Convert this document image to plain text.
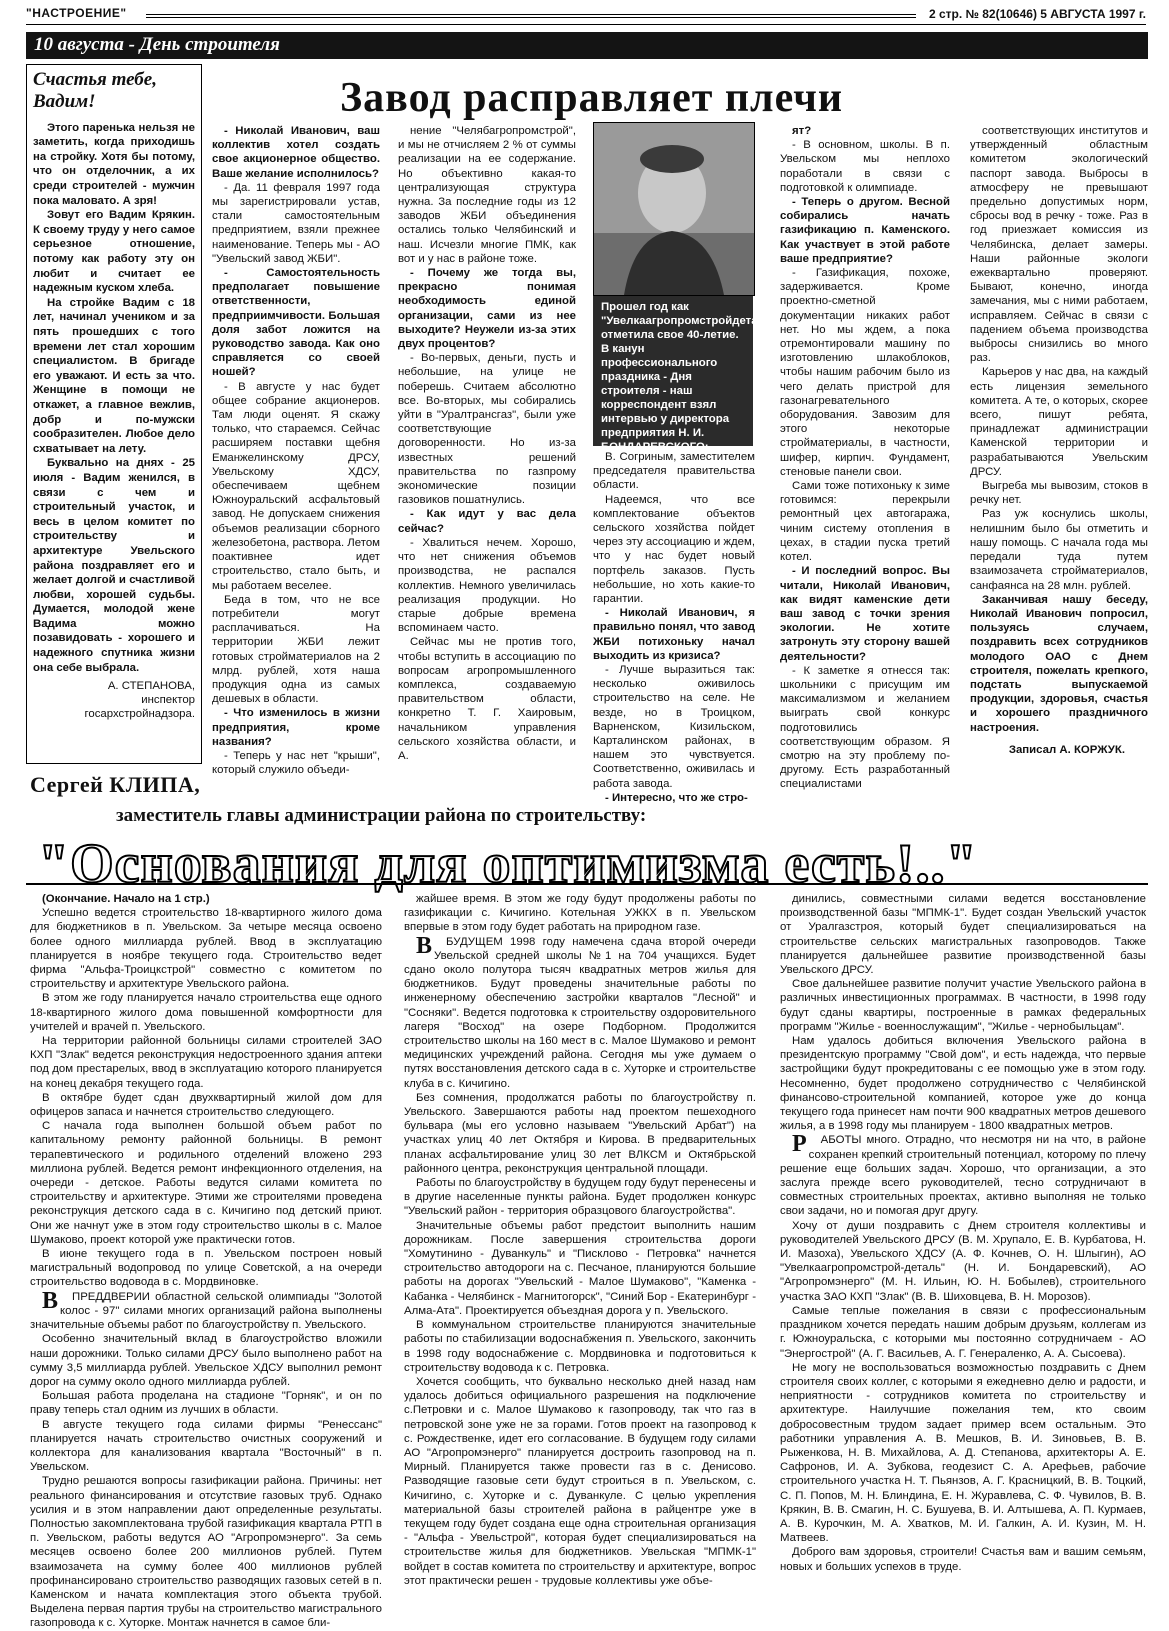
"НАСТРОЕНИЕ"	2 стр. № 82(10646) 5 АВГУСТА 1997 г.
10 августа - День строителя
Счастья тебе, Вадим!

Этого паренька нельзя не заметить, когда приходишь на стройку. Хотя бы потому, что он отделочник, а их среди строителей - мужчин пока маловато. А зря!

Зовут его Вадим Крякин. К своему труду у него самое серьезное отношение, потому как работу эту он любит и считает ее надежным куском хлеба.

На стройке Вадим с 18 лет, начинал учеником и за пять прошедших с того времени лет стал хорошим специалистом. В бригаде его уважают. И есть за что. Женщине в помощи не откажет, а главное вежлив, добр и по-мужски сообразителен. Любое дело схватывает на лету.

Буквально на днях - 25 июля - Вадим женился, в связи с чем и строительный участок, и весь в целом комитет по строительству и архитектуре Увельского района поздравляет его и желает долгой и счастливой любви, хорошей судьбы. Думается, молодой жене Вадима можно позавидовать - хорошего и надежного спутника жизни она себе выбрала.

А. СТЕПАНОВА,
инспектор госархстройнадзора.
Завод расправляет плечи

- Николай Иванович, ваш коллектив хотел создать свое акционерное общество. Ваше желание исполнилось?

- Да. 11 февраля 1997 года мы зарегистрировали устав, стали самостоятельным предприятием, взяли прежнее наименование. Теперь мы - АО "Увельский завод ЖБИ".

- Самостоятельность предполагает повышение ответственности, предприимчивости. Большая доля забот ложится на руководство завода. Как оно справляется со своей ношей?

- В августе у нас будет общее собрание акционеров. Там люди оценят. Я скажу только, что стараемся. Сейчас расширяем поставки щебня Еманжелинскому ДРСУ, Увельскому ХДСУ, обеспечиваем щебнем Южноуральский асфальтовый завод. Не допускаем снижения объемов реализации сборного железобетона, раствора. Летом поактивнее идет строительство, стало быть, и мы работаем веселее.

Беда в том, что не все потребители могут расплачиваться. На территории ЖБИ лежит готовых стройматериалов на 2 млрд. рублей, хотя наша продукция одна из самых дешевых в области.

- Что изменилось в жизни предприятия, кроме названия?

- Теперь у нас нет "крыши", который служило объеди-

нение "Челябагропромстрой", и мы не отчисляем 2 % от суммы реализации на ее содержание. Но объективно какая-то централизующая структура нужна. За последние годы из 12 заводов ЖБИ объединения остались только Челябинский и наш. Исчезли многие ПМК, как вот и у нас в районе тоже.

- Почему же тогда вы, прекрасно понимая необходимость единой организации, сами из нее выходите? Неужели из-за этих двух процентов?

- Во-первых, деньги, пусть и небольшие, на улице не поберешь. Считаем абсолютно все. Во-вторых, мы собирались уйти в "Уралтрансгаз", были уже соответствующие договоренности. Но из-за известных решений правительства по газпрому экономические позиции газовиков пошатнулись.

- Как идут у вас дела сейчас?

- Хвалиться нечем. Хорошо, что нет снижения объемов производства, не распался коллектив. Немного увеличилась реализация продукции. Но старые добрые времена вспоминаем часто.

Сейчас мы не против того, чтобы вступить в ассоциацию по вопросам агропромышленного комплекса, создаваемую правительством области, конкретно Т. Г. Хаировым, начальником управления сельского хозяйства области, и А.

Прошел год как "Увелкаагропромстройдеталь" отметила свое 40-летие. В канун профессионального праздника - Дня строителя - наш корреспондент взял интервью у директора предприятия Н. И. БОНДАРЕВСКОГО:

В. Согриным, заместителем председателя правительства области.

Надеемся, что все комплектование объектов сельского хозяйства пойдет через эту ассоциацию и ждем, что у нас будет новый портфель заказов. Пусть небольшие, но хоть какие-то гарантии.

- Николай Иванович, я правильно понял, что завод ЖБИ потихоньку начал выходить из кризиса?

- Лучше выразиться так: несколько оживилось строительство на селе. Не везде, но в Троицком, Варненском, Кизильском, Карталинском районах, в нашем это чувствуется. Соответственно, оживилась и работа завода.

- Интересно, что же стро-

ят?

- В основном, школы. В п. Увельском мы неплохо поработали в связи с подготовкой к олимпиаде.

- Теперь о другом. Весной собирались начать газификацию п. Каменского. Как участвует в этой работе ваше предприятие?

- Газификация, похоже, задерживается. Кроме проектно-сметной документации никаких работ нет. Но мы ждем, а пока отремонтировали машину по изготовлению шлакоблоков, чтобы нашим рабочим было из чего делать пристрой для газонагревательного оборудования. Завозим для этого некоторые стройматериалы, в частности, шифер, кирпич. Фундамент, стеновые панели свои.

Сами тоже потихоньку к зиме готовимся: перекрыли ремонтный цех автогаража, чиним систему отопления в цехах, в стадии пуска третий котел.

- И последний вопрос. Вы читали, Николай Иванович, как видят каменские дети ваш завод с точки зрения экологии. Не хотите затронуть эту сторону вашей деятельности?

- К заметке я отнесся так: школьники с присущим им максимализмом и желанием выиграть свой конкурс подготовились соответствующим образом. Я смотрю на эту проблему по-другому. Есть разработанный специалистами

соответствующих институтов и утвержденный областным комитетом экологический паспорт завода. Выбросы в атмосферу не превышают предельно допустимых норм, сбросы вод в речку - тоже. Раз в год приезжает комиссия из Челябинска, делает замеры. Наши районные экологи ежеквартально проверяют. Бывают, конечно, иногда замечания, мы с ними работаем, исправляем. Сейчас в связи с падением объема производства выбросы снизились во много раз.

Карьеров у нас два, на каждый есть лицензия земельного комитета. А те, о которых, скорее всего, пишут ребята, принадлежат администрации Каменской территории и разрабатываются Увельским ДРСУ.

Выгреба мы вывозим, стоков в речку нет.

Раз уж коснулись школы, нелишним было бы отметить и нашу помощь. С начала года мы передали туда путем взаимозачета стройматериалов, санфаянса на 28 млн. рублей.

Заканчивая нашу беседу, Николай Иванович попросил, пользуясь случаем, поздравить всех сотрудников молодого ОАО с Днем строителя, пожелать крепкого, подстать выпускаемой продукции, здоровья, счастья и хорошего праздничного настроения.

Записал А. КОРЖУК.
Сергей КЛИПА,
заместитель главы администрации района по строительству:
"Основания для оптимизма есть!.."

(Окончание. Начало на 1 стр.)

Успешно ведется строительство 18-квартирного жилого дома для бюджетников в п. Увельском. За четыре месяца освоено более одного миллиарда рублей. Ввод в эксплуатацию планируется в ноябре текущего года. Строительство ведет фирма "Альфа-Троицкстрой" совместно с комитетом по строительству и архитектуре Увельского района.

В этом же году планируется начало строительства еще одного 18-квартирного жилого дома повышенной комфортности для учителей и врачей п. Увельского.

На территории районной больницы силами строителей ЗАО КХП "Злак" ведется реконструкция недостроенного здания аптеки под дом престарелых, ввод в эксплуатацию которого планируется на конец декабря текущего года.

В октябре будет сдан двухквартирный жилой дом для офицеров запаса и начнется строительство следующего.

С начала года выполнен большой объем работ по капитальному ремонту районной больницы. В ремонт терапевтического и родильного отделений вложено 293 миллиона рублей. Ведется ремонт инфекционного отделения, на очереди - детское. Работы ведутся силами комитета по строительству и архитектуре. Этими же строителями проведена реконструкция детского сада в с. Кичигино под детский приют. Они же начнут уже в этом году строительство школы в с. Малое Шумаково, проект которой уже практически готов.

В июне текущего года в п. Увельском построен новый магистральный водопровод по улице Советской, а на очереди строительство водовода в с. Мордвиновке.

В ПРЕДДВЕРИИ областной сельской олимпиады "Золотой колос - 97" силами многих организаций района выполнены значительные объемы работ по благоустройству п. Увельского.

Особенно значительный вклад в благоустройство вложили наши дорожники. Только силами ДРСУ было выполнено работ на сумму 3,5 миллиарда рублей. Увельское ХДСУ выполнил ремонт дорог на сумму около одного миллиарда рублей.

Большая работа проделана на стадионе "Горняк", и он по праву теперь стал одним из лучших в области.

В августе текущего года силами фирмы "Ренессанс" планируется начать строительство очистных сооружений и коллектора для канализования квартала "Восточный" в п. Увельском.

Трудно решаются вопросы газификации района. Причины: нет реального финансирования и отсутствие газовых труб. Однако усилия и в этом направлении дают определенные результаты. Полностью закомплектована трубой газификация квартала РТП в п. Увельском, работы ведутся АО "Агропромэнерго". За семь месяцев освоено более 200 миллионов рублей. Путем взаимозачета на сумму более 400 миллионов рублей профинансировано строительство разводящих газовых сетей в п. Каменском и начата комплектация этого объекта трубой. Выделена первая партия трубы на строительство магистрального газопровода к с. Хуторке. Монтаж начнется в самое бли-

жайшее время. В этом же году будут продолжены работы по газификации с. Кичигино. Котельная УЖКХ в п. Увельском впервые в этом году будет работать на природном газе.

В БУДУЩЕМ 1998 году намечена сдача второй очереди Увельской средней школы №1 на 704 учащихся. Будет сдано около полутора тысяч квадратных метров жилья для бюджетников. Будут проведены значительные работы по инженерному обеспечению застройки кварталов "Лесной" и "Сосняки". Ведется подготовка к строительству оздоровительного лагеря "Восход" на озере Подборном. Продолжится строительство школы на 160 мест в с. Малое Шумаково и ремонт медицинских учреждений района. Сегодня мы уже думаем о путях восстановления детского сада в с. Хуторке и строительстве клуба в с. Кичигино.

Без сомнения, продолжатся работы по благоустройству п. Увельского. Завершаются работы над проектом пешеходного бульвара (мы его условно называем "Увельский Арбат") на участках улиц 40 лет Октября и Кирова. В предварительных планах асфальтирование улиц 30 лет ВЛКСМ и Октябрьской районного центра, реконструкция центральной площади.

Работы по благоустройству в будущем году будут перенесены и в другие населенные пункты района. Будет продолжен конкурс "Увельский район - территория образцового благоустройства".

Значительные объемы работ предстоит выполнить нашим дорожникам. После завершения строительства дороги "Хомутинино - Дуванкуль" и "Писклово - Петровка" начнется строительство автодороги на с. Песчаное, планируются большие работы на дорогах "Увельский - Малое Шумаково", "Каменка - Кабанка - Челябинск - Магнитогорск", "Синий Бор - Екатеринбург - Алма-Ата". Проектируется объездная дорога у п. Увельского.

В коммунальном строительстве планируются значительные работы по стабилизации водоснабжения п. Увельского, закончить в 1998 году водоснабжение с. Мордвиновка и подготовиться к строительству водовода к с. Петровка.

Хочется сообщить, что буквально несколько дней назад нам удалось добиться официального разрешения на подключение с.Петровки и с. Малое Шумаково к газопроводу, так что газ в петровской зоне уже не за горами. Готов проект на газопровод к с. Рождественке, идет его согласование. В будущем году силами АО "Агропромэнерго" планируется достроить газопровод на п. Мирный. Планируется также провести газ в с. Денисово. Разводящие газовые сети будут строиться в п. Увельском, с. Кичигино, с. Хуторке и с. Дуванкуле. С целью укрепления материальной базы строителей района в райцентре уже в текущем году будет создана еще одна строительная организация - "Альфа - Увельстрой", которая будет специализироваться на строительстве жилья для бюджетников. Увельская "МПМК-1" войдет в состав комитета по строительству и архитектуре, вопрос этот практически решен - трудовые коллективы уже объе-

динились, совместными силами ведется восстановление производственной базы "МПМК-1". Будет создан Увельский участок от Уралгазстроя, который будет специализироваться на строительстве сельских магистральных газопроводов. Также планируется дальнейшее развитие производственной базы Увельского ДРСУ.

Свое дальнейшее развитие получит участие Увельского района в различных инвестиционных программах. В частности, в 1998 году будут сданы квартиры, построенные в рамках федеральных программ "Жилье - военнослужащим", "Жилье - чернобыльцам".

Нам удалось добиться включения Увельского района в президентскую программу "Свой дом", и есть надежда, что первые застройщики будут прокредитованы с ее помощью уже в этом году. Несомненно, будет продолжено сотрудничество с Челябинской финансово-строительной компанией, которое уже до конца текущего года принесет нам почти 900 квадратных метров дешевого жилья, а в 1998 году мы планируем - 1800 квадратных метров.

Р АБОТЫ много. Отрадно, что несмотря ни на что, в районе сохранен крепкий строительный потенциал, которому по плечу решение еще больших задач. Хорошо, что организации, а это заслуга прежде всего руководителей, тесно сотрудничают в совместных строительных проектах, активно выполняя не только свои задачи, но и помогая друг другу.

Хочу от души поздравить с Днем строителя коллективы и руководителей Увельского ДРСУ (В. М. Хрупало, Е. В. Курбатова, Н. И. Мазоха), Увельского ХДСУ (А. Ф. Кочнев, О. Н. Шлыгин), АО "Увелкаагропромстрой-деталь" (Н. И. Бондаревский), АО "Агропромэнерго" (М. Н. Ильин, Ю. Н. Бобылев), строительного участка ЗАО КХП "Злак" (В. В. Шиховцева, В. Н. Морозов).

Самые теплые пожелания в связи с профессиональным праздником хочется передать нашим добрым друзьям, коллегам из г. Южноуральска, с которыми мы постоянно сотрудничаем - АО "Энергострой" (А. Г. Васильев, А. Г. Генераленко, А. А. Сысоева).

Не могу не воспользоваться возможностью поздравить с Днем строителя своих коллег, с которыми я ежедневно делю и радости, и неприятности - сотрудников комитета по строительству и архитектуре. Наилучшие пожелания тем, кто своим добросовестным трудом задает пример всем остальным. Это работники управления А. В. Мешков, В. И. Зиновьев, В. В. Рыженкова, Н. В. Михайлова, А. Д. Степанова, архитекторы А. Е. Сафронов, И. А. Зубкова, геодезист С. А. Арефьев, рабочие строительного участка Н. Т. Пьянзов, А. Г. Красницкий, В. В. Тоцкий, С. П. Попов, М. Н. Блиндина, Е. Н. Журавлева, С. Ф. Чувилов, В. В. Крякин, В. В. Смагин, Н. С. Бушуева, В. И. Алтышева, А. П. Курмаев, А. В. Курочкин, М. А. Хватков, М. И. Галкин, А. И. Кузин, М. Н. Матвеев.

Доброго вам здоровья, строители! Счастья вам и вашим семьям, новых и больших успехов в труде.
